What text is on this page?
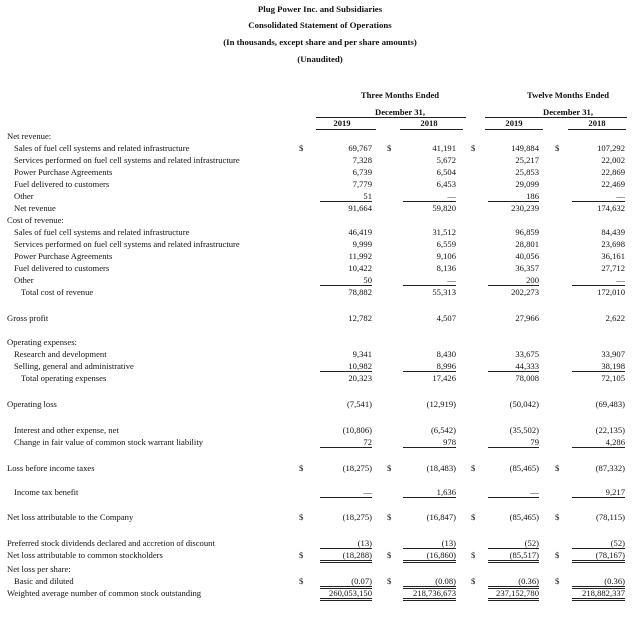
Plug Power Inc. and Subsidiaries
Consolidated Statement of Operations
(In thousands, except share and per share amounts)
(Unaudited)
Three Months Ended	Twelve Months Ended
December 31,	December 31,
2019	2018	2019	2018
Net revenue:
Sales of fuel cell systems and related infrastructure	$	69,767 $	41,191 $	149,884 $	107,292
Services performed on fuel cell systems and related infrastructure	7,328	5,672	25,217	22,002
Power Purchase Agreements	6,739	6,504	25,853	22,869
Fuel delivered to customers	7,779	6,453	29,099	22,469
Other	51	—	186	—
Net revenue	91,664	59,820	230,239	174,632
Cost of revenue:
Sales of fuel cell systems and related infrastructure	46,419	31,512	96,859	84,439
Services performed on fuel cell systems and related infrastructure	9,999	6,559	28,801	23,698
Power Purchase Agreements	11,992	9,106	40,056	36,161
Fuel delivered to customers	10,422	8,136	36,357	27,712
Other	50	—	200	—
Total cost of revenue	78,882	55,313	202,273	172,010
Gross profit	12,782	4,507	27,966	2,622
Operating expenses:
Research and development	9,341	8,430	33,675	33,907
Selling, general and administrative	10,982	8,996	44,333	38,198
Total operating expenses	20,323	17,426	78,008	72,105
Operating loss	(7,541)	(12,919)	(50,042)	(69,483)
Interest and other expense, net	(10,806)	(6,542)	(35,502)	(22,135)
Change in fair value of common stock warrant liability	72	978	79	4,286
Loss before income taxes	$	(18,275) $	(18,483) $	(85,465) $	(87,332)
Income tax benefit	—	1,636	—	9,217
Net loss attributable to the Company	$	(18,275) $	(16,847) $	(85,465) $	(78,115)
Preferred stock dividends declared and accretion of discount	(13)	(13)	(52)	(52)
Net loss attributable to common stockholders	$	(18,288) $	(16,860) $	(85,517) $	(78,167)
Net loss per share:
Basic and diluted	$	(0.07) $	(0.08) $	(0.36) $	(0.36)
Weighted average number of common stock outstanding	260,053,150	218,736,673	237,152,780	218,882,337
